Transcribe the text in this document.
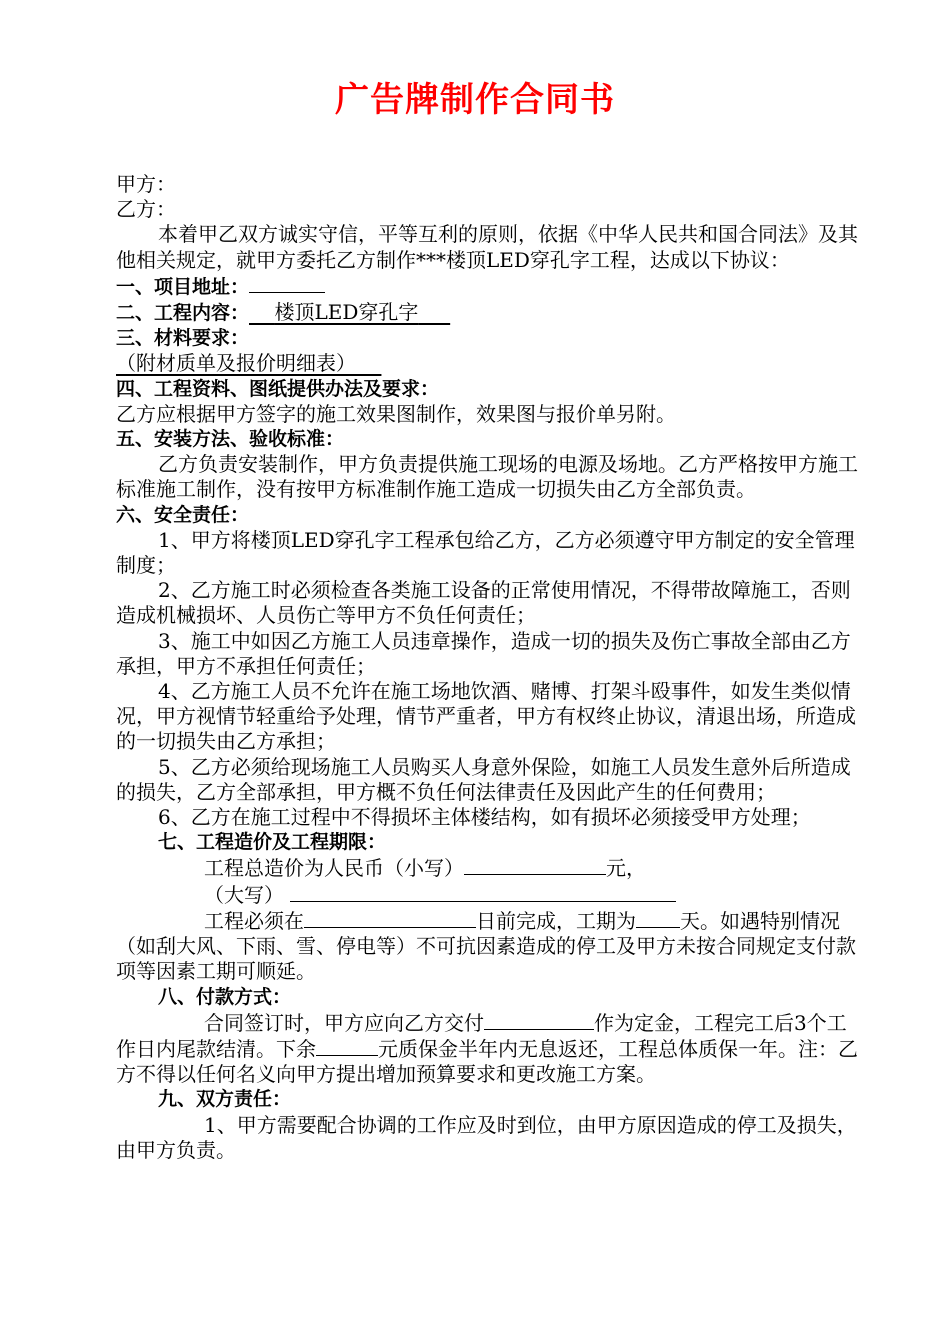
广告牌制作合同书

甲方：

乙方：

本着甲乙双方诚实守信，平等互利的原则，依据《中华人民共和国合同法》及其他相关规定，就甲方委托乙方制作***楼顶LED穿孔字工程，达成以下协议：

一、项目地址：

二、工程内容： 楼顶LED穿孔字

三、材料要求：

（附材质单及报价明细表）

四、工程资料、图纸提供办法及要求：

乙方应根据甲方签字的施工效果图制作，效果图与报价单另附。

五、安装方法、验收标准：

乙方负责安装制作，甲方负责提供施工现场的电源及场地。乙方严格按甲方施工标准施工制作，没有按甲方标准制作施工造成一切损失由乙方全部负责。

六、安全责任：

1、甲方将楼顶LED穿孔字工程承包给乙方，乙方必须遵守甲方制定的安全管理制度；

2、乙方施工时必须检查各类施工设备的正常使用情况，不得带故障施工，否则造成机械损坏、人员伤亡等甲方不负任何责任；

3、施工中如因乙方施工人员违章操作，造成一切的损失及伤亡事故全部由乙方承担，甲方不承担任何责任；

4、乙方施工人员不允许在施工场地饮酒、赌博、打架斗殴事件，如发生类似情况，甲方视情节轻重给予处理，情节严重者，甲方有权终止协议，清退出场，所造成的一切损失由乙方承担；

5、乙方必须给现场施工人员购买人身意外保险，如施工人员发生意外后所造成的损失，乙方全部承担，甲方概不负任何法律责任及因此产生的任何费用；

6、乙方在施工过程中不得损坏主体楼结构，如有损坏必须接受甲方处理；

七、工程造价及工程期限：

工程总造价为人民币（小写）	元，

（大写）

工程必须在	日前完成，工期为 天。如遇特别情况（如刮大风、下雨、雪、停电等）不可抗因素造成的停工及甲方未按合同规定支付款项等因素工期可顺延。

八、付款方式：

合同签订时，甲方应向乙方交付	作为定金，工程完工后3个工作日内尾款结清。下余	元质保金半年内无息返还，工程总体质保一年。注：乙方不得以任何名义向甲方提出增加预算要求和更改施工方案。

九、双方责任：

1、甲方需要配合协调的工作应及时到位，由甲方原因造成的停工及损失，由甲方负责。
